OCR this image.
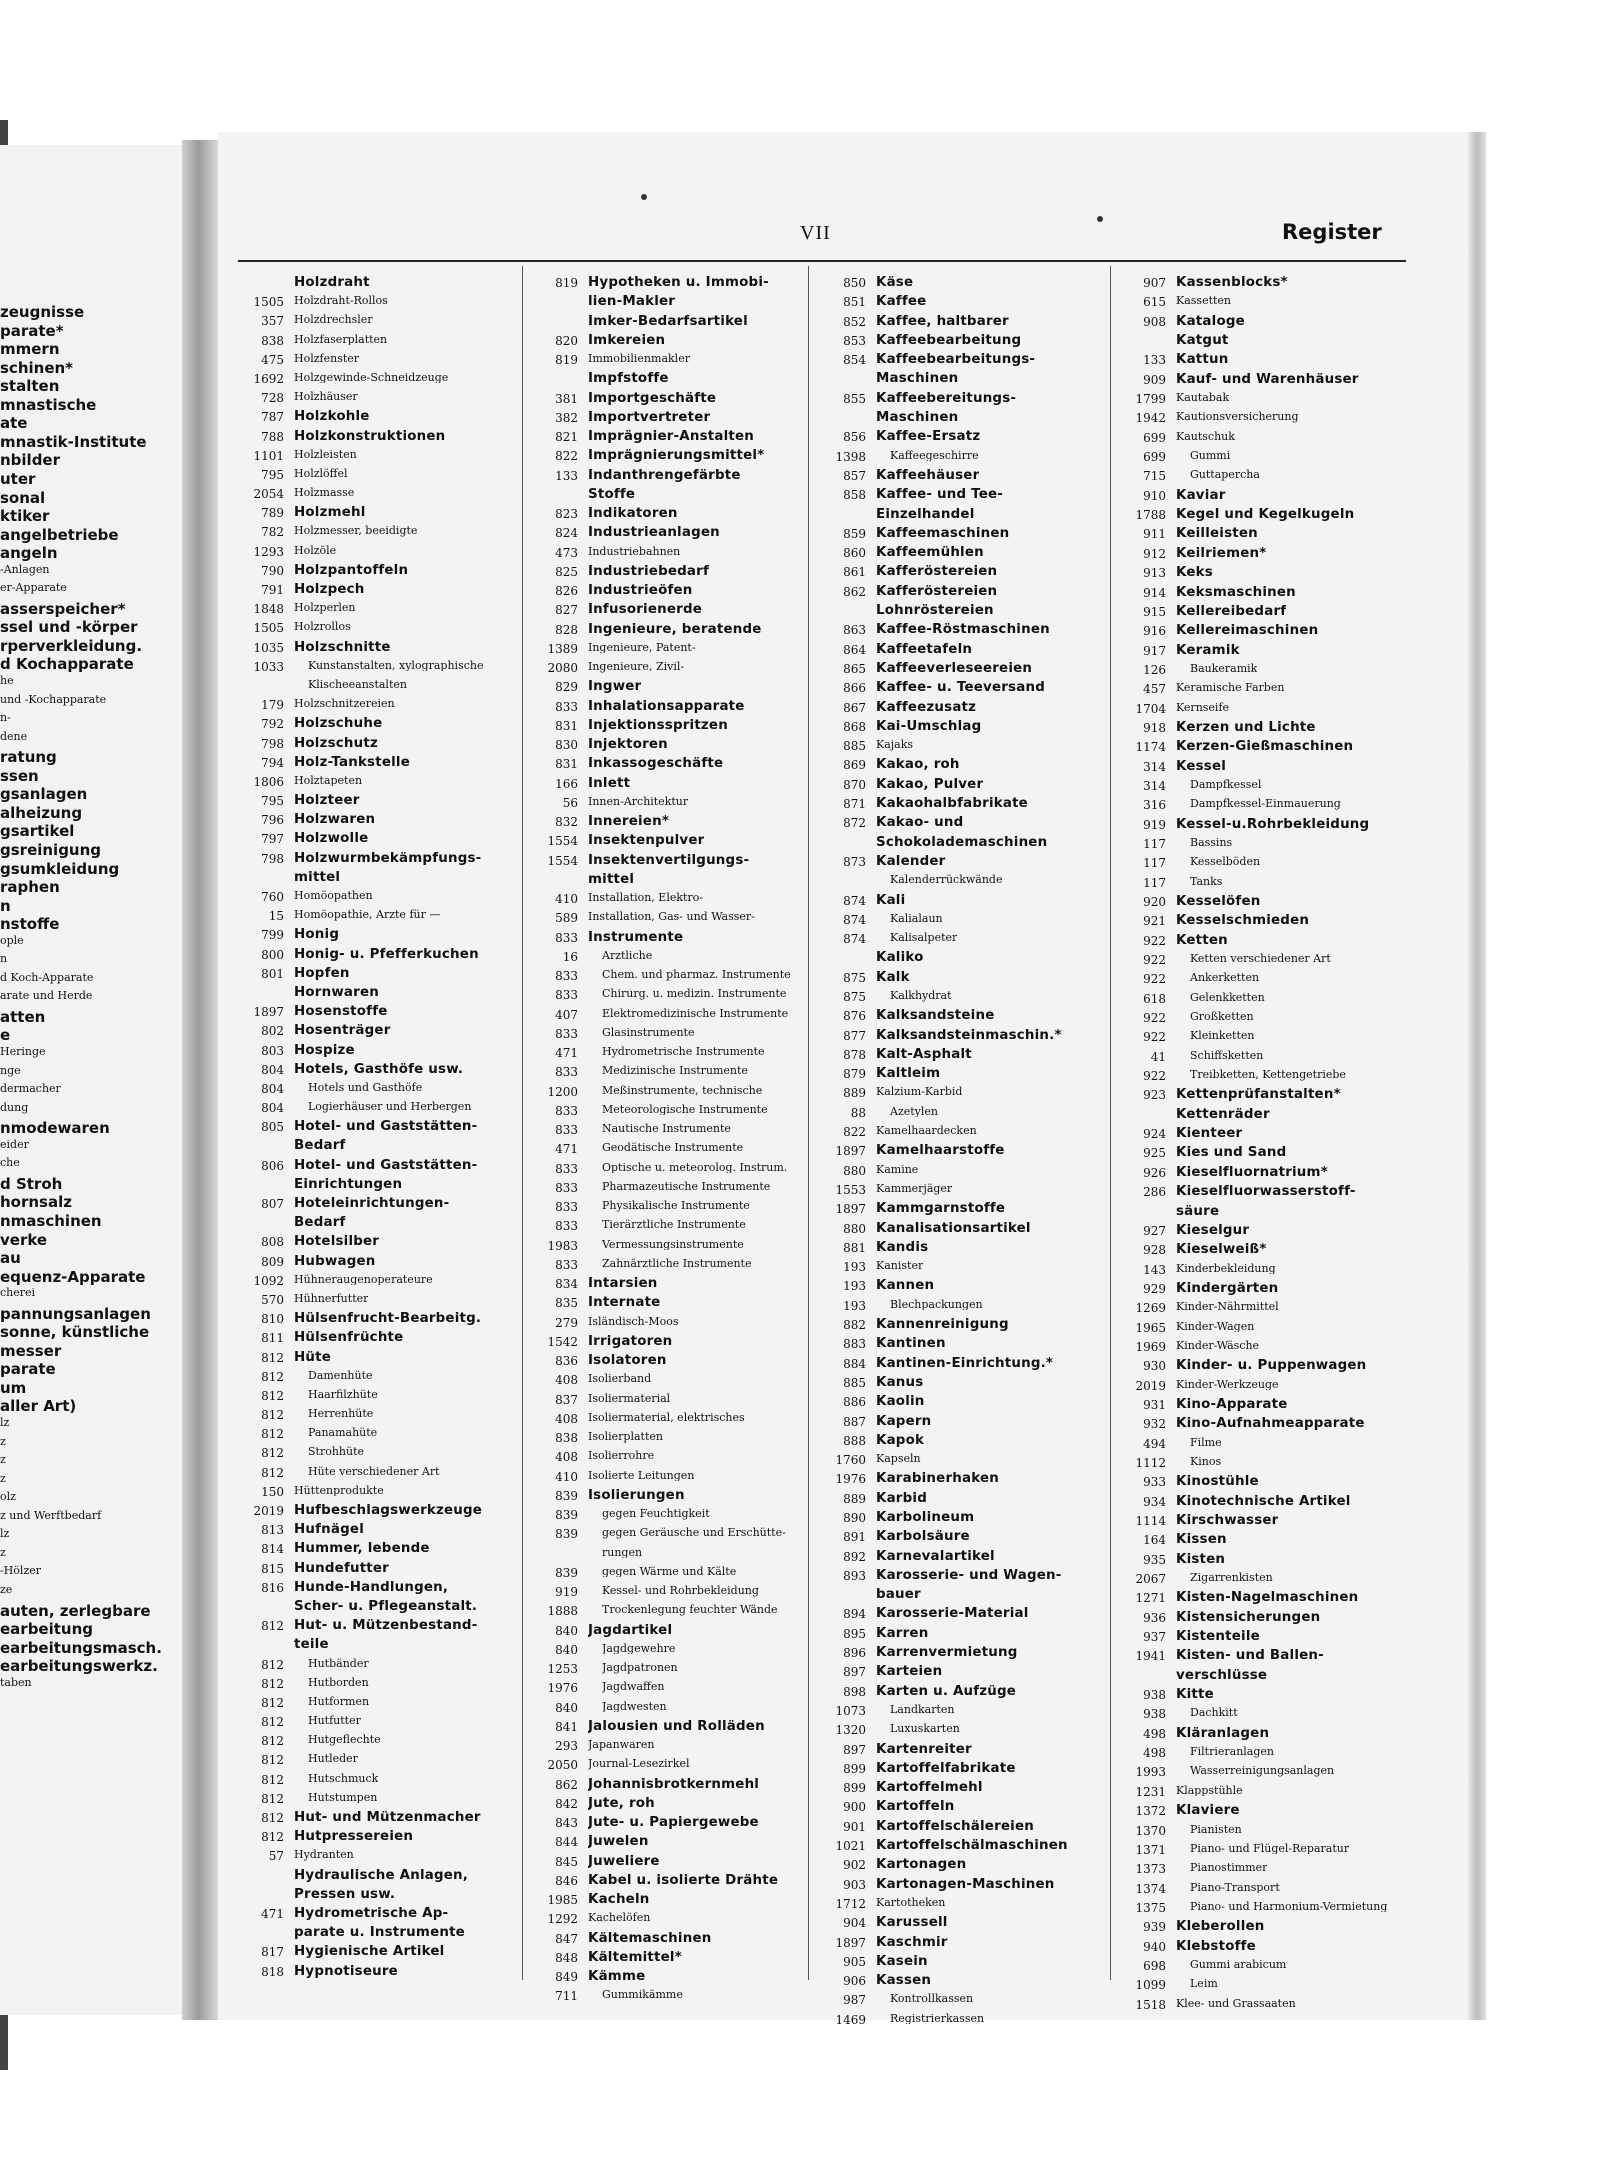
zeugnisse
parate*
mmern
schinen*
stalten
mnastische
ate
mnastik-Institute
nbilder
uter
sonal
ktiker
angelbetriebe
angeln
-Anlagen
er-Apparate
asserspeicher*
ssel und -körper
rperverkleidung.
d Kochapparate
he
und -Kochapparate
n-
dene
ratung
ssen
gsanlagen
alheizung
gsartikel
gsreinigung
gsumkleidung
raphen
n
nstoffe
ople
n
d Koch-Apparate
arate und Herde
atten
e
Heringe
nge
dermacher
dung
nmodewaren
eider
che
d Stroh
hornsalz
nmaschinen
verke
au
equenz-Apparate
cherei
pannungsanlagen
sonne, künstliche
messer
parate
um
aller Art)
lz
z
z
z
olz
z und Werftbedarf
lz
z
-Hölzer
ze
auten, zerlegbare
earbeitung
earbeitungsmasch.
earbeitungswerkz.
taben
VII	Register
Holzdraht
1505 Holzdraht-Rollos
357 Holzdrechsler
838 Holzfaserplatten
475 Holzfenster
1692 Holzgewinde-Schneidzeuge
728 Holzhäuser
787 Holzkohle
788 Holzkonstruktionen
1101 Holzleisten
795 Holzlöffel
2054 Holzmasse
789 Holzmehl
782 Holzmesser, beeidigte
1293 Holzöle
790 Holzpantoffeln
791 Holzpech
1848 Holzperlen
1505 Holzrollos
1035 Holzschnitte
1033 Kunstanstalten, xylographische
Klischeeanstalten
179 Holzschnitzereien
792 Holzschuhe
798 Holzschutz
794 Holz-Tankstelle
1806 Holztapeten
795 Holzteer
796 Holzwaren
797 Holzwolle
798 Holzwurmbekämpfungs-
mittel
760 Homöopathen
15 Homöopathie, Ärzte für —
799 Honig
800 Honig- u. Pfefferkuchen
801 Hopfen
Hornwaren
1897 Hosenstoffe
802 Hosenträger
803 Hospize
804 Hotels, Gasthöfe usw.
804 Hotels und Gasthöfe
804 Logierhäuser und Herbergen
805 Hotel- und Gaststätten-
Bedarf
806 Hotel- und Gaststätten-
Einrichtungen
807 Hoteleinrichtungen-
Bedarf
808 Hotelsilber
809 Hubwagen
1092 Hühneraugenoperateure
570 Hühnerfutter
810 Hülsenfrucht-Bearbeitg.
811 Hülsenfrüchte
812 Hüte
812 Damenhüte
812 Haarfilzhüte
812 Herrenhüte
812 Panamahüte
812 Strohhüte
812 Hüte verschiedener Art
150 Hüttenprodukte
2019 Hufbeschlagswerkzeuge
813 Hufnägel
814 Hummer, lebende
815 Hundefutter
816 Hunde-Handlungen,
Scher- u. Pflegeanstalt.
812 Hut- u. Mützenbestand-
teile
812 Hutbänder
812 Hutborden
812 Hutformen
812 Hutfutter
812 Hutgeflechte
812 Hutleder
812 Hutschmuck
812 Hutstumpen
812 Hut- und Mützenmacher
812 Hutpressereien
57 Hydranten
Hydraulische Anlagen,
Pressen usw.
471 Hydrometrische Ap-
parate u. Instrumente
817 Hygienische Artikel
818 Hypnotiseure
819 Hypotheken u. Immobi-
lien-Makler
Imker-Bedarfsartikel
820 Imkereien
819 Immobilienmakler
Impfstoffe
381 Importgeschäfte
382 Importvertreter
821 Imprägnier-Anstalten
822 Imprägnierungsmittel*
133 Indanthrengefärbte
Stoffe
823 Indikatoren
824 Industrieanlagen
473 Industriebahnen
825 Industriebedarf
826 Industrieöfen
827 Infusorienerde
828 Ingenieure, beratende
1389 Ingenieure, Patent-
2080 Ingenieure, Zivil-
829 Ingwer
833 Inhalationsapparate
831 Injektionsspritzen
830 Injektoren
831 Inkassogeschäfte
166 Inlett
56 Innen-Architektur
832 Innereien*
1554 Insektenpulver
1554 Insektenvertilgungs-
mittel
410 Installation, Elektro-
589 Installation, Gas- und Wasser-
833 Instrumente
16 Ärztliche
833 Chem. und pharmaz. Instrumente
833 Chirurg. u. medizin. Instrumente
407 Elektromedizinische Instrumente
833 Glasinstrumente
471 Hydrometrische Instrumente
833 Medizinische Instrumente
1200 Meßinstrumente, technische
833 Meteorologische Instrumente
833 Nautische Instrumente
471 Geodätische Instrumente
833 Optische u. meteorolog. Instrum.
833 Pharmazeutische Instrumente
833 Physikalische Instrumente
833 Tierärztliche Instrumente
1983 Vermessungsinstrumente
833 Zahnärztliche Instrumente
834 Intarsien
835 Internate
279 Isländisch-Moos
1542 Irrigatoren
836 Isolatoren
408 Isolierband
837 Isoliermaterial
408 Isoliermaterial, elektrisches
838 Isolierplatten
408 Isolierrohre
410 Isolierte Leitungen
839 Isolierungen
839 gegen Feuchtigkeit
839 gegen Geräusche und Erschütte-
rungen
839 gegen Wärme und Kälte
919 Kessel- und Rohrbekleidung
1888 Trockenlegung feuchter Wände
840 Jagdartikel
840 Jagdgewehre
1253 Jagdpatronen
1976 Jagdwaffen
840 Jagdwesten
841 Jalousien und Rolläden
293 Japanwaren
2050 Journal-Lesezirkel
862 Johannisbrotkernmehl
842 Jute, roh
843 Jute- u. Papiergewebe
844 Juwelen
845 Juweliere
846 Kabel u. isolierte Drähte
1985 Kacheln
1292 Kachelöfen
847 Kältemaschinen
848 Kältemittel*
849 Kämme
711 Gummikämme
850 Käse
851 Kaffee
852 Kaffee, haltbarer
853 Kaffeebearbeitung
854 Kaffeebearbeitungs-
Maschinen
855 Kaffeebereitungs-
Maschinen
856 Kaffee-Ersatz
1398 Kaffeegeschirre
857 Kaffeehäuser
858 Kaffee- und Tee-
Einzelhandel
859 Kaffeemaschinen
860 Kaffeemühlen
861 Kafferöstereien
862 Kafferöstereien
Lohnröstereien
863 Kaffee-Röstmaschinen
864 Kaffeetafeln
865 Kaffeeverleseereien
866 Kaffee- u. Teeversand
867 Kaffeezusatz
868 Kai-Umschlag
885 Kajaks
869 Kakao, roh
870 Kakao, Pulver
871 Kakaohalbfabrikate
872 Kakao- und
Schokolademaschinen
873 Kalender
Kalenderrückwände
874 Kali
874 Kalialaun
874 Kalisalpeter
Kaliko
875 Kalk
875 Kalkhydrat
876 Kalksandsteine
877 Kalksandsteinmaschin.*
878 Kalt-Asphalt
879 Kaltleim
889 Kalzium-Karbid
88 Azetylen
822 Kamelhaardecken
1897 Kamelhaarstoffe
880 Kamine
1553 Kammerjäger
1897 Kammgarnstoffe
880 Kanalisationsartikel
881 Kandis
193 Kanister
193 Kannen
193 Blechpackungen
882 Kannenreinigung
883 Kantinen
884 Kantinen-Einrichtung.*
885 Kanus
886 Kaolin
887 Kapern
888 Kapok
1760 Kapseln
1976 Karabinerhaken
889 Karbid
890 Karbolineum
891 Karbolsäure
892 Karnevalartikel
893 Karosserie- und Wagen-
bauer
894 Karosserie-Material
895 Karren
896 Karrenvermietung
897 Karteien
898 Karten u. Aufzüge
1073 Landkarten
1320 Luxuskarten
897 Kartenreiter
899 Kartoffelfabrikate
899 Kartoffelmehl
900 Kartoffeln
901 Kartoffelschälereien
1021 Kartoffelschälmaschinen
902 Kartonagen
903 Kartonagen-Maschinen
1712 Kartotheken
904 Karussell
1897 Kaschmir
905 Kasein
906 Kassen
987 Kontrollkassen
1469 Registrierkassen
907 Kassenblocks*
615 Kassetten
908 Kataloge
Katgut
133 Kattun
909 Kauf- und Warenhäuser
1799 Kautabak
1942 Kautionsversicherung
699 Kautschuk
699 Gummi
715 Guttapercha
910 Kaviar
1788 Kegel und Kegelkugeln
911 Keilleisten
912 Keilriemen*
913 Keks
914 Keksmaschinen
915 Kellereibedarf
916 Kellereimaschinen
917 Keramik
126 Baukeramik
457 Keramische Farben
1704 Kernseife
918 Kerzen und Lichte
1174 Kerzen-Gießmaschinen
314 Kessel
314 Dampfkessel
316 Dampfkessel-Einmauerung
919 Kessel-u.Rohrbekleidung
117 Bassins
117 Kesselböden
117 Tanks
920 Kesselöfen
921 Kesselschmieden
922 Ketten
922 Ketten verschiedener Art
922 Ankerketten
618 Gelenkketten
922 Großketten
922 Kleinketten
41 Schiffsketten
922 Treibketten, Kettengetriebe
923 Kettenprüfanstalten*
Kettenräder
924 Kienteer
925 Kies und Sand
926 Kieselfluornatrium*
286 Kieselfluorwasserstoff-
säure
927 Kieselgur
928 Kieselweiß*
143 Kinderbekleidung
929 Kindergärten
1269 Kinder-Nährmittel
1965 Kinder-Wagen
1969 Kinder-Wäsche
930 Kinder- u. Puppenwagen
2019 Kinder-Werkzeuge
931 Kino-Apparate
932 Kino-Aufnahmeapparate
494 Filme
1112 Kinos
933 Kinostühle
934 Kinotechnische Artikel
1114 Kirschwasser
164 Kissen
935 Kisten
2067 Zigarrenkisten
1271 Kisten-Nagelmaschinen
936 Kistensicherungen
937 Kistenteile
1941 Kisten- und Ballen-
verschlüsse
938 Kitte
938 Dachkitt
498 Kläranlagen
498 Filtrieranlagen
1993 Wasserreinigungsanlagen
1231 Klappstühle
1372 Klaviere
1370 Pianisten
1371 Piano- und Flügel-Reparatur
1373 Pianostimmer
1374 Piano-Transport
1375 Piano- und Harmonium-Vermietung
939 Kleberollen
940 Klebstoffe
698 Gummi arabicum
1099 Leim
1518 Klee- und Grassaaten
